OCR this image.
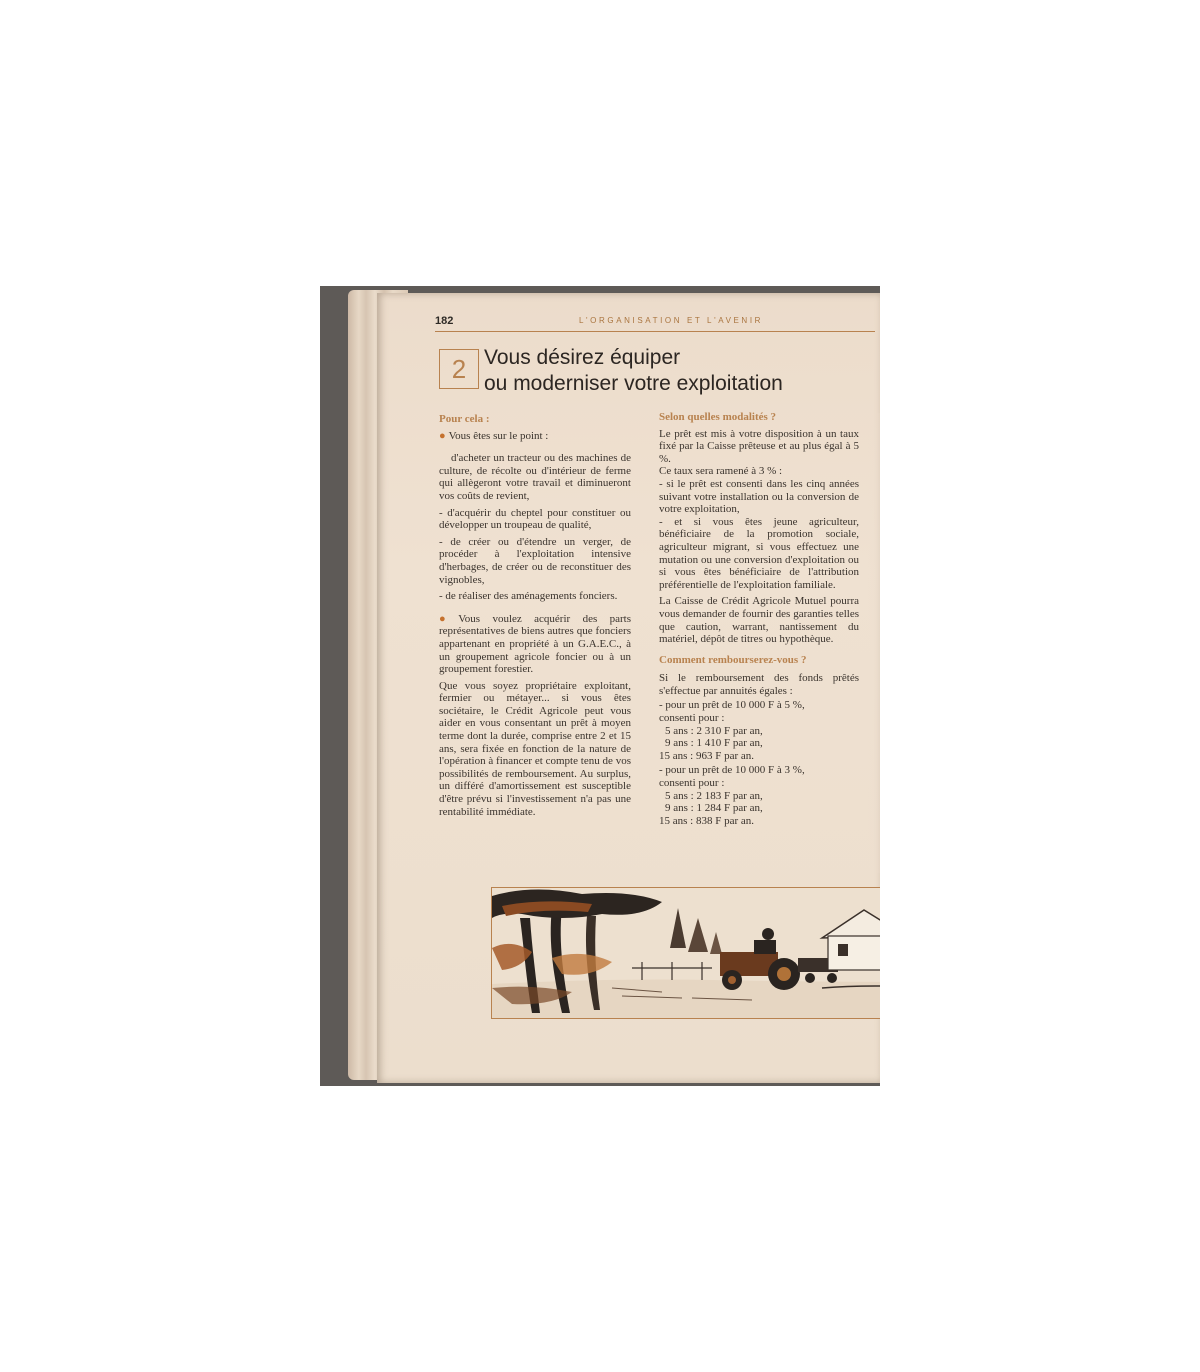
182	L'ORGANISATION ET L'AVENIR
2 Vous désirez équiper
ou moderniser votre exploitation

Pour cela :

● Vous êtes sur le point :

d'acheter un tracteur ou des machines de culture, de récolte ou d'intérieur de ferme qui allègeront votre travail et diminueront vos coûts de revient,

- d'acquérir du cheptel pour constituer ou développer un troupeau de qualité,

- de créer ou d'étendre un verger, de procéder à l'exploitation intensive d'herbages, de créer ou de reconstituer des vignobles,

- de réaliser des aménagements fonciers.

● Vous voulez acquérir des parts représentatives de biens autres que fonciers appartenant en propriété à un G.A.E.C., à un groupement agricole foncier ou à un groupement forestier.

Que vous soyez propriétaire exploitant, fermier ou métayer... si vous êtes sociétaire, le Crédit Agricole peut vous aider en vous consentant un prêt à moyen terme dont la durée, comprise entre 2 et 15 ans, sera fixée en fonction de la nature de l'opération à financer et compte tenu de vos possibilités de remboursement. Au surplus, un différé d'amortissement est susceptible d'être prévu si l'investissement n'a pas une rentabilité immédiate.

Selon quelles modalités ?

Le prêt est mis à votre disposition à un taux fixé par la Caisse prêteuse et au plus égal à 5 %.

Ce taux sera ramené à 3 % :

- si le prêt est consenti dans les cinq années suivant votre installation ou la conversion de votre exploitation,

- et si vous êtes jeune agriculteur, bénéficiaire de la promotion sociale, agriculteur migrant, si vous effectuez une mutation ou une conversion d'exploitation ou si vous êtes bénéficiaire de l'attribution préférentielle de l'exploitation familiale.

La Caisse de Crédit Agricole Mutuel pourra vous demander de fournir des garanties telles que caution, warrant, nantissement du matériel, dépôt de titres ou hypothèque.

Comment rembourserez-vous ?

Si le remboursement des fonds prêtés s'effectue par annuités égales :

- pour un prêt de 10 000 F à 5 %,
consenti pour :
5 ans : 2 310 F par an,
9 ans : 1 410 F par an,
15 ans : 963 F par an.
- pour un prêt de 10 000 F à 3 %,
consenti pour :
5 ans : 2 183 F par an,
9 ans : 1 284 F par an,
15 ans : 838 F par an.
